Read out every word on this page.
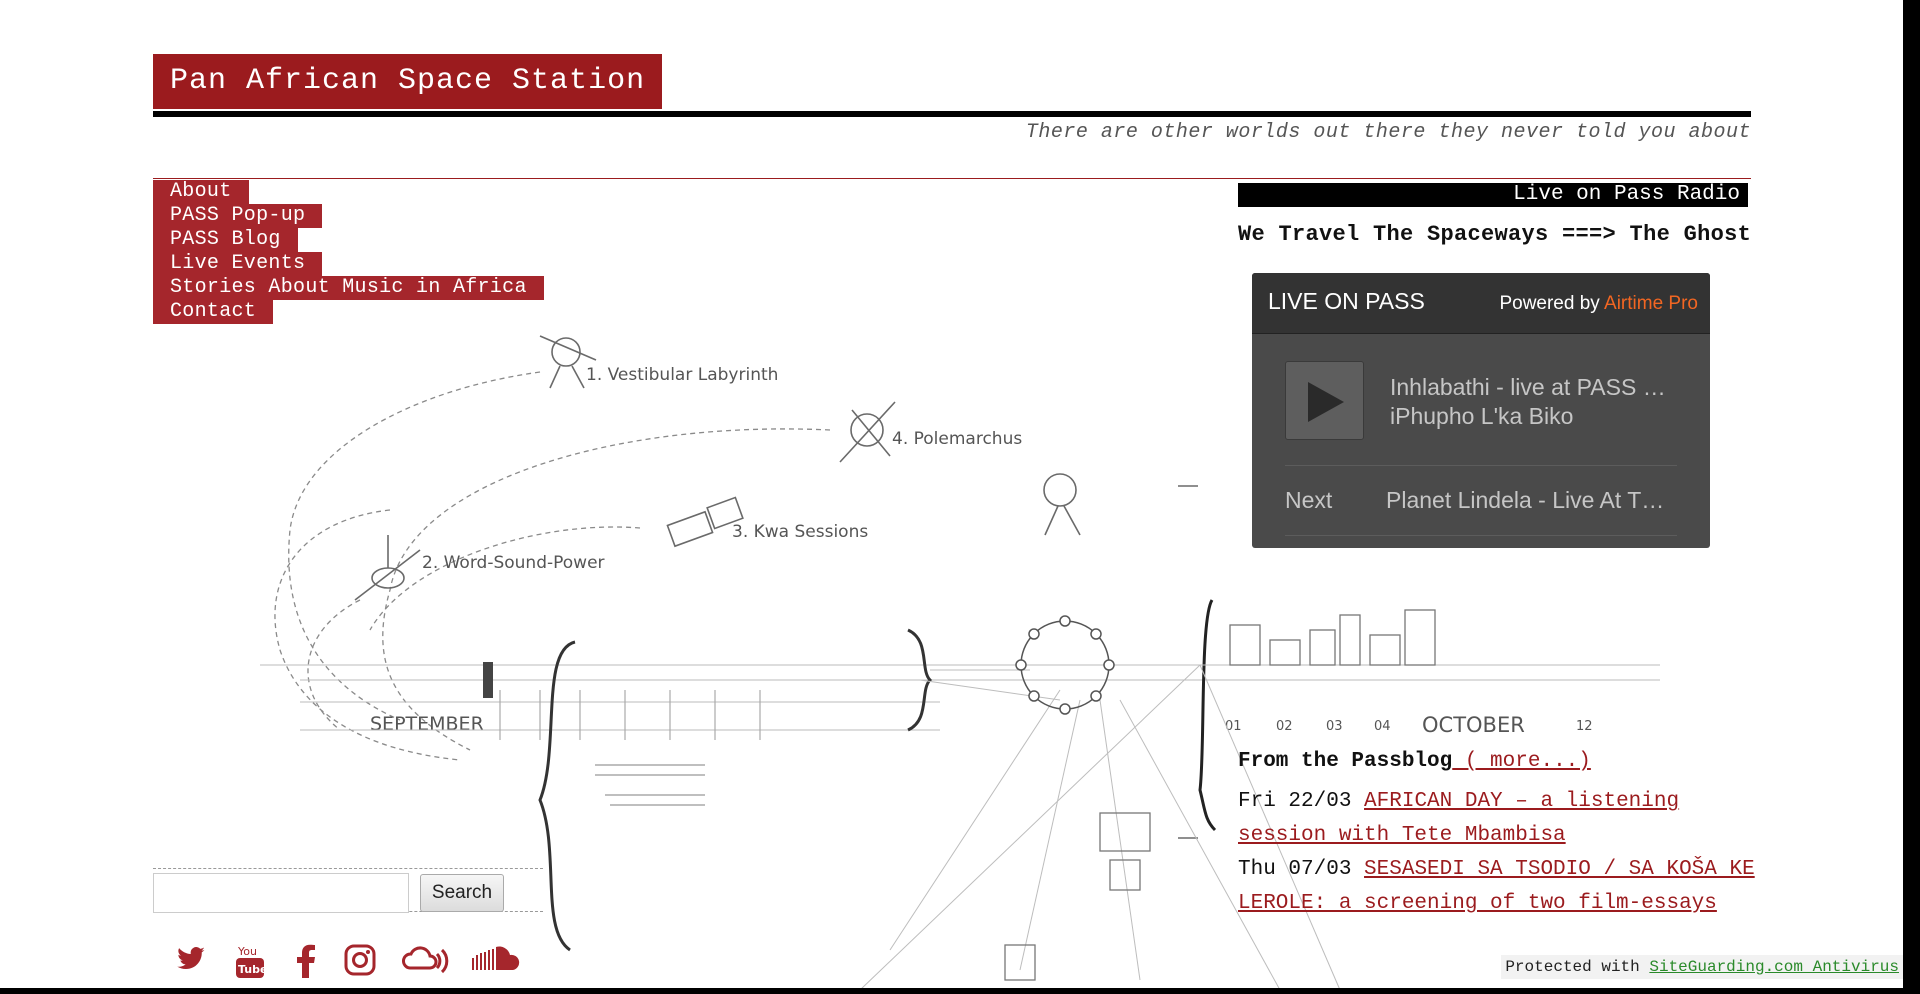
Pan African Space Station
There are other worlds out there they never told you about
1. Vestibular Labyrinth
4. Polemarchus
3. Kwa Sessions
2. Word-Sound-Power
SEPTEMBER	OCTOBER
01	02	03 04	12
About
PASS Pop-up
PASS Blog
Live Events
Stories About Music in Africa
Contact
Live on Pass Radio
We Travel The Spaceways ===> The Ghost
LIVE ON PASS	Powered by Airtime Pro
Inhlabathi - live at PASS …
iPhupho L'ka Biko
Next Planet Lindela - Live At T…
From the Passblog ( more...)
Fri 22/03 AFRICAN DAY – a listening session with Tete Mbambisa
Thu 07/03 SESASEDI SA TSODIO / SA KOŠA KE LEROLE: a screening of two film-essays
Search
You
Tube	Protected with SiteGuarding.com Antivirus
